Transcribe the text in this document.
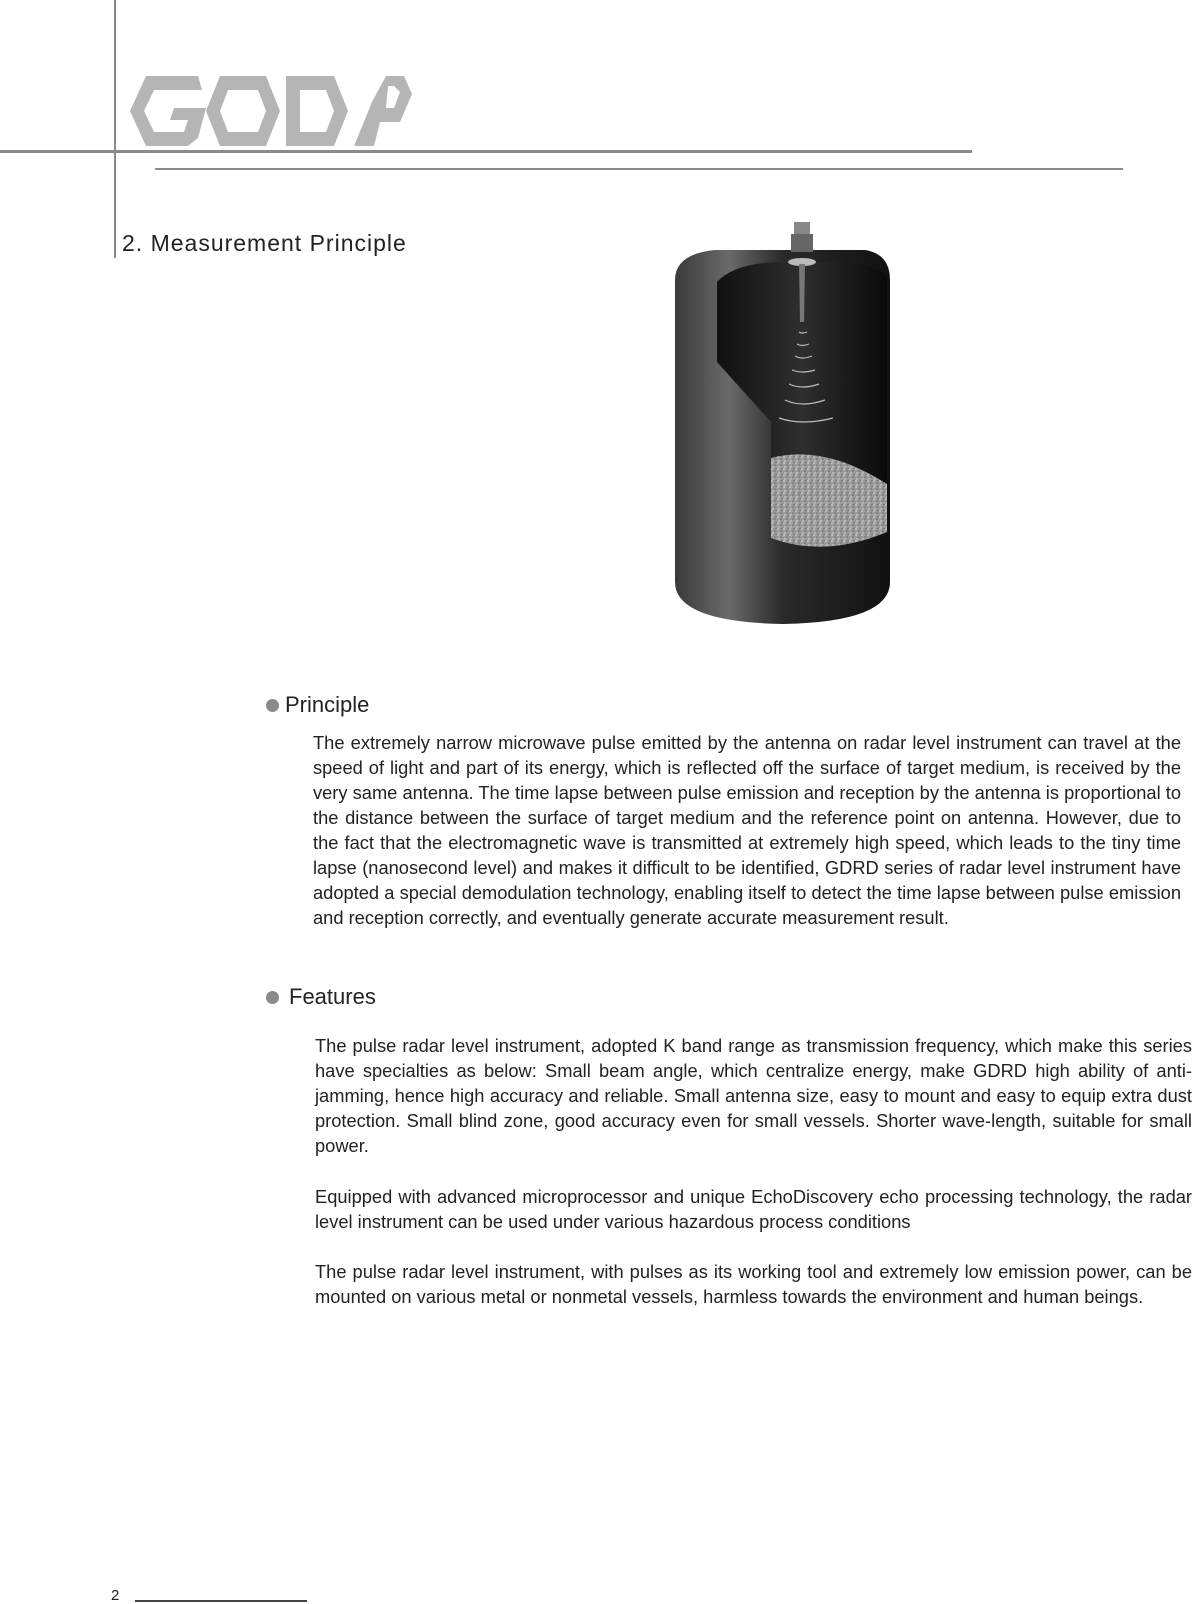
2. Measurement Principle
Principle
The extremely narrow microwave pulse emitted by the antenna on radar level instrument can travel at the speed of light and part of its energy, which is reflected off the surface of target medium, is received by the very same antenna. The time lapse between pulse emission and reception by the antenna is proportional to the distance between the surface of target medium and the reference point on antenna. However, due to the fact that the electromagnetic wave is transmitted at extremely high speed, which leads to the tiny time lapse (nanosecond level) and makes it difficult to be identified, GDRD series of radar level instrument have adopted a special demodulation technology, enabling itself to detect the time lapse between pulse emission and reception correctly, and eventually generate accurate measurement result.
Features
The pulse radar level instrument, adopted K band range as transmission frequency, which make this series have specialties as below: Small beam angle, which centralize energy, make GDRD high ability of anti-jamming, hence high accuracy and reliable. Small antenna size, easy to mount and easy to equip extra dust protection. Small blind zone, good accuracy even for small vessels. Shorter wave-length, suitable for small power.
Equipped with advanced microprocessor and unique EchoDiscovery echo processing technology, the radar level instrument can be used under various hazardous process conditions
The pulse radar level instrument, with pulses as its working tool and extremely low emission power, can be mounted on various metal or nonmetal vessels, harmless towards the environment and human beings.
2
